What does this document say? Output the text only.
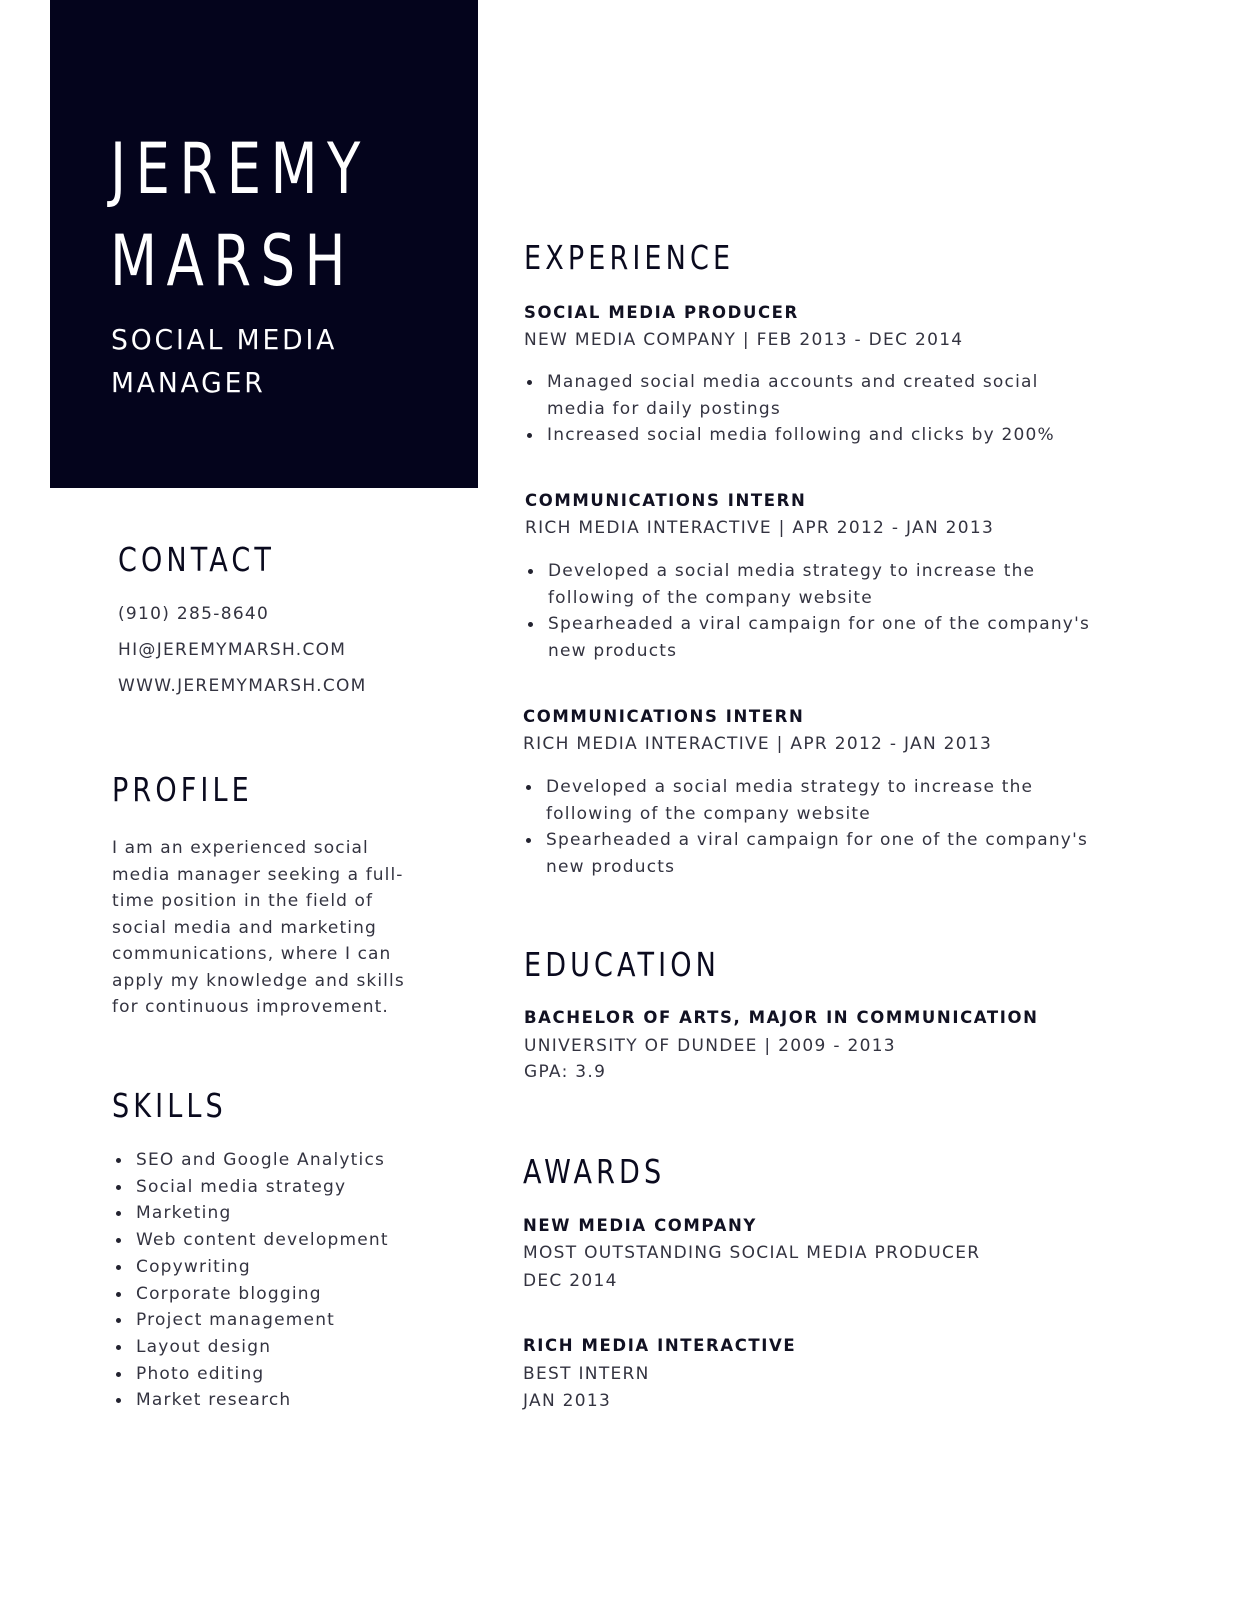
JEREMY
MARSH
SOCIAL MEDIA
MANAGER
CONTACT
(910) 285-8640
HI@JEREMYMARSH.COM
WWW.JEREMYMARSH.COM
PROFILE
I am an experienced social
media manager seeking a full-
time position in the field of
social media and marketing
communications, where I can
apply my knowledge and skills
for continuous improvement.
SKILLS
SEO and Google Analytics
Social media strategy
Marketing
Web content development
Copywriting
Corporate blogging
Project management
Layout design
Photo editing
Market research
EXPERIENCE
SOCIAL MEDIA PRODUCER
NEW MEDIA COMPANY | FEB 2013 - DEC 2014
Managed social media accounts and created social
media for daily postings
Increased social media following and clicks by 200%
COMMUNICATIONS INTERN
RICH MEDIA INTERACTIVE | APR 2012 - JAN 2013
Developed a social media strategy to increase the
following of the company website
Spearheaded a viral campaign for one of the company's
new products
COMMUNICATIONS INTERN
RICH MEDIA INTERACTIVE | APR 2012 - JAN 2013
Developed a social media strategy to increase the
following of the company website
Spearheaded a viral campaign for one of the company's
new products
EDUCATION
BACHELOR OF ARTS, MAJOR IN COMMUNICATION
UNIVERSITY OF DUNDEE | 2009 - 2013
GPA: 3.9
AWARDS
NEW MEDIA COMPANY
MOST OUTSTANDING SOCIAL MEDIA PRODUCER
DEC 2014
RICH MEDIA INTERACTIVE
BEST INTERN
JAN 2013
